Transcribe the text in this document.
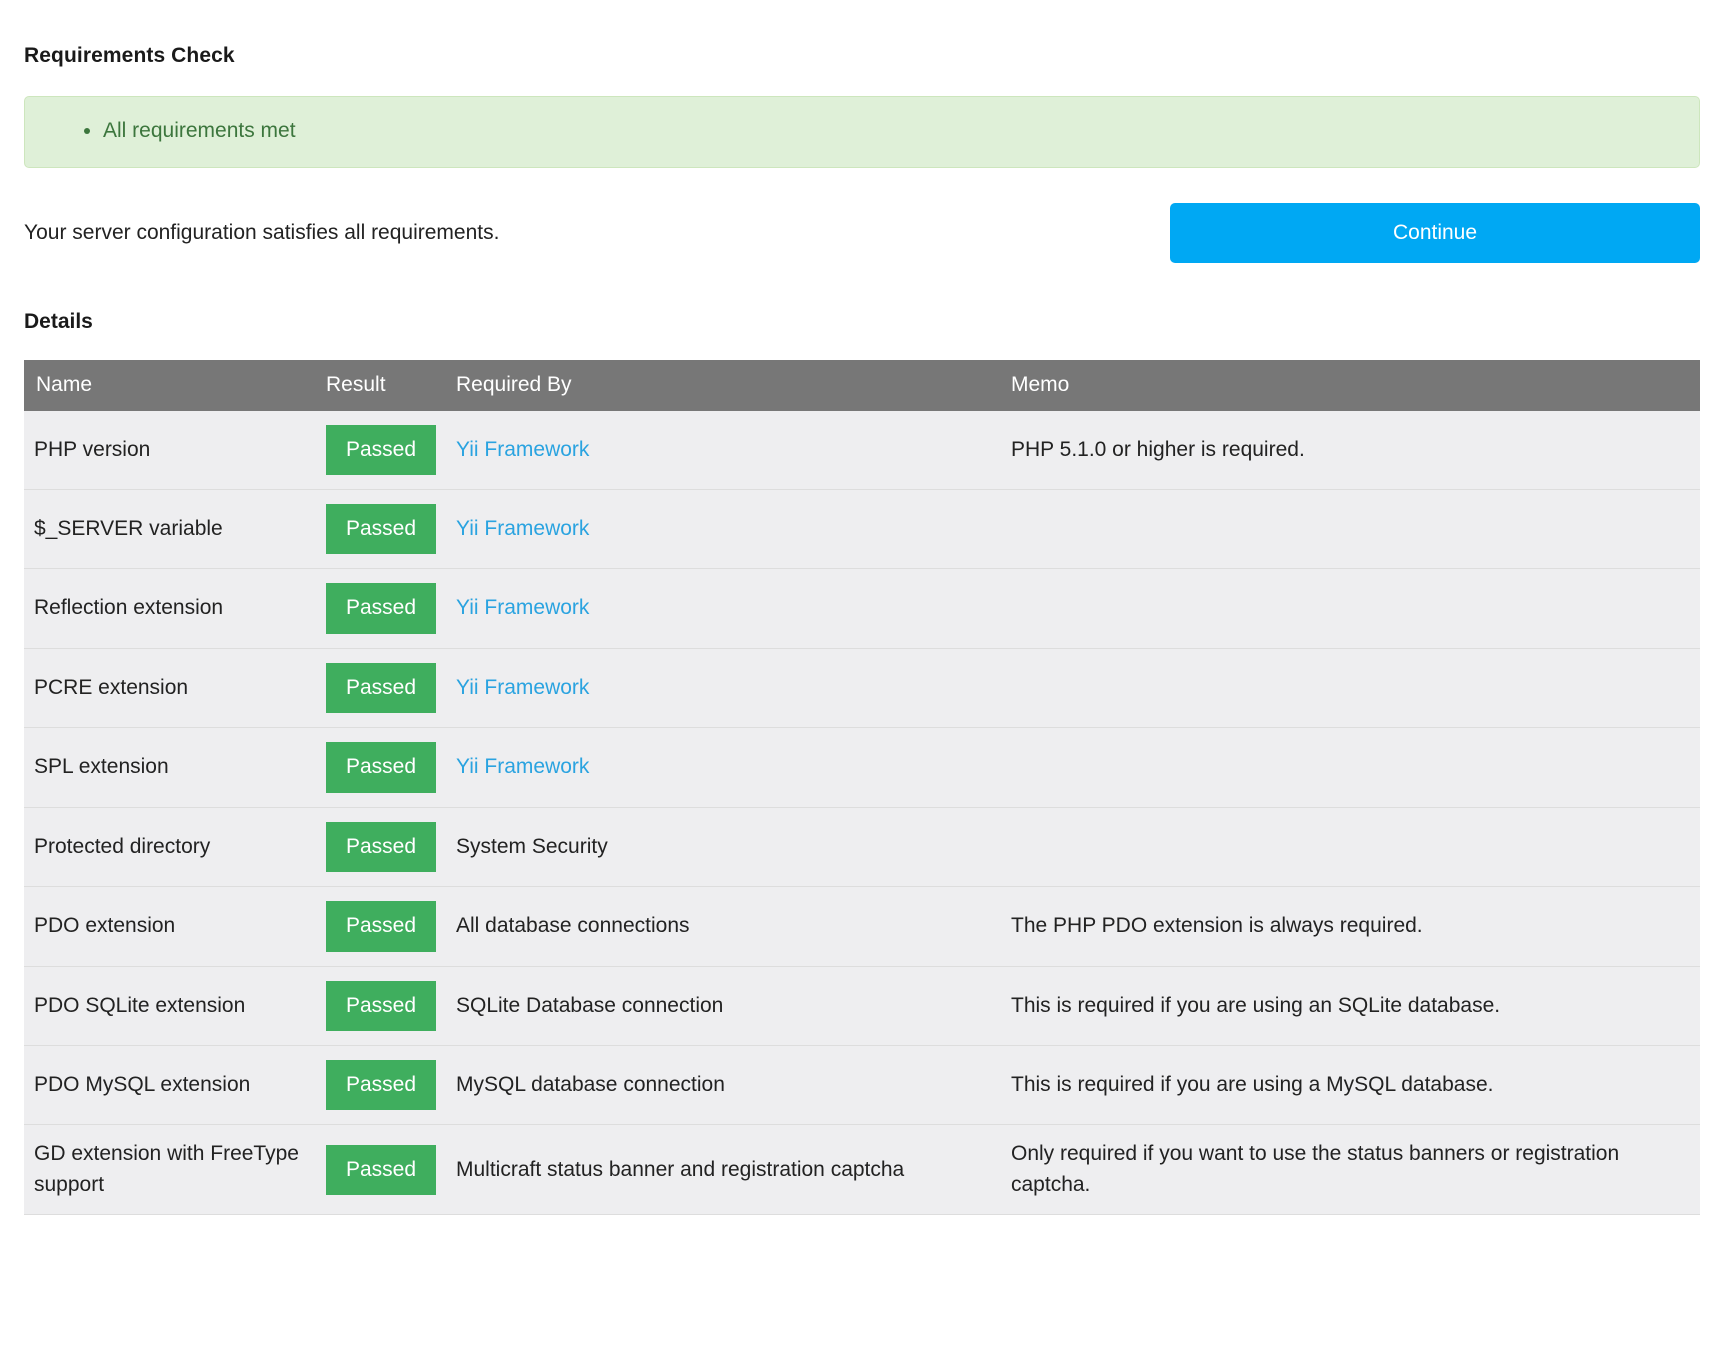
Requirements Check
• All requirements met
Your server configuration satisfies all requirements.	Continue
Details
Name	Result	Required By	Memo
PHP version	Passed	Yii Framework	PHP 5.1.0 or higher is required.
$_SERVER variable	Passed	Yii Framework	
Reflection extension	Passed	Yii Framework	
PCRE extension	Passed	Yii Framework	
SPL extension	Passed	Yii Framework	
Protected directory	Passed	System Security	
PDO extension	Passed	All database connections	The PHP PDO extension is always required.
PDO SQLite extension	Passed	SQLite Database connection	This is required if you are using an SQLite database.
PDO MySQL extension	Passed	MySQL database connection	This is required if you are using a MySQL database.
GD extension with FreeType support	Passed	Multicraft status banner and registration captcha	Only required if you want to use the status banners or registration captcha.
